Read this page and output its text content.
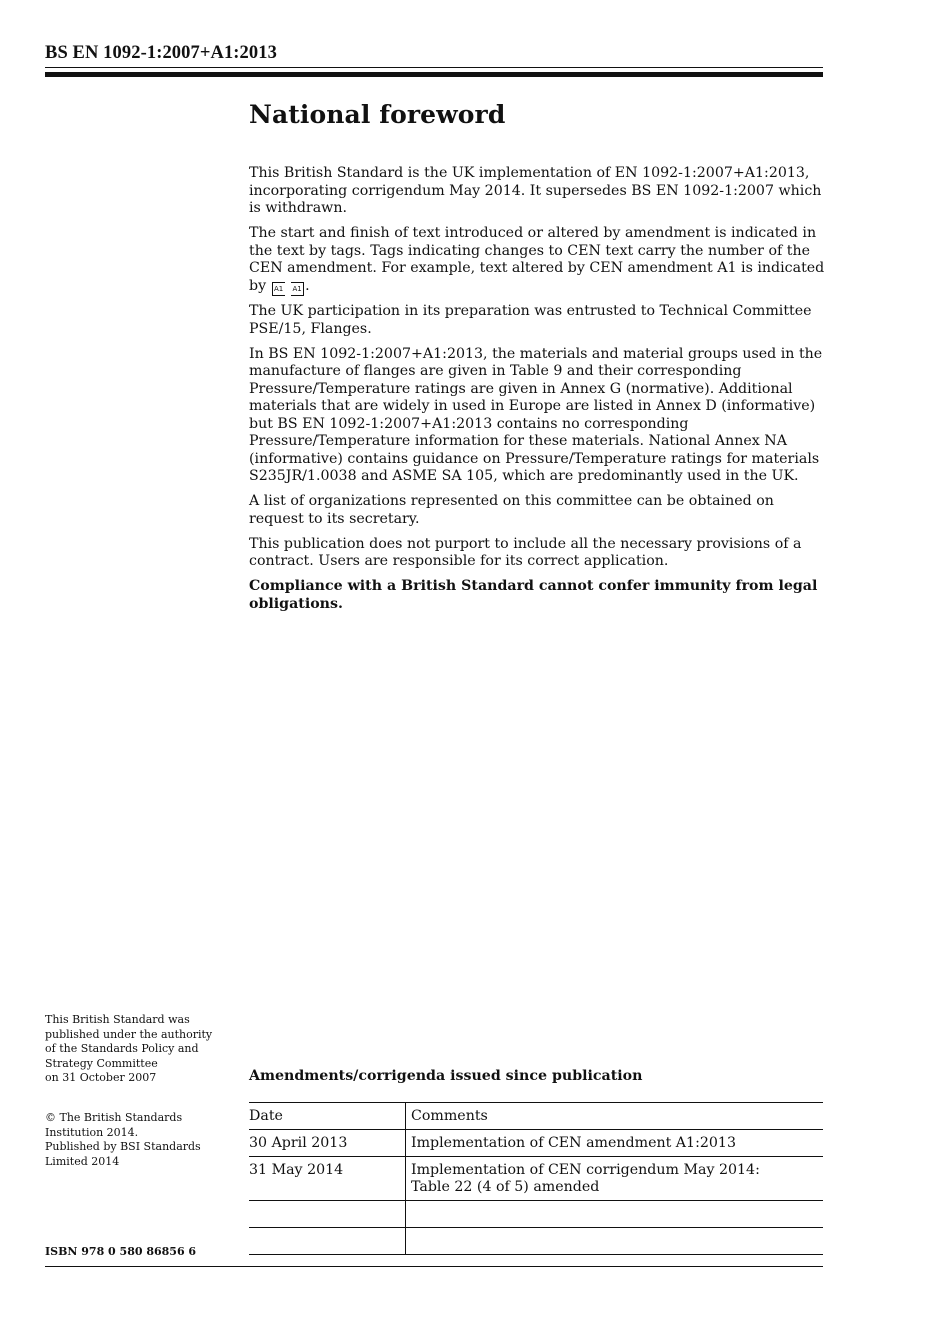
BS EN 1092-1:2007+A1:2013
National foreword

This British Standard is the UK implementation of EN 1092-1:2007+A1:2013, incorporating corrigendum May 2014. It supersedes BS EN 1092-1:2007 which is withdrawn.

The start and finish of text introduced or altered by amendment is indicated in the text by tags. Tags indicating changes to CEN text carry the number of the CEN amendment. For example, text altered by CEN amendment A1 is indicated by A1 A1 .

The UK participation in its preparation was entrusted to Technical Committee PSE/15, Flanges.

In BS EN 1092-1:2007+A1:2013, the materials and material groups used in the manufacture of flanges are given in Table 9 and their corresponding Pressure/Temperature ratings are given in Annex G (normative). Additional materials that are widely in used in Europe are listed in Annex D (informative) but BS EN 1092-1:2007+A1:2013 contains no corresponding Pressure/Temperature information for these materials. National Annex NA (informative) contains guidance on Pressure/Temperature ratings for materials S235JR/1.0038 and ASME SA 105, which are predominantly used in the UK.

A list of organizations represented on this committee can be obtained on request to its secretary.

This publication does not purport to include all the necessary provisions of a contract. Users are responsible for its correct application.

Compliance with a British Standard cannot confer immunity from legal obligations.

This British Standard was
published under the authority
of the Standards Policy and
Strategy Committee
on 31 October 2007
© The British Standards
Institution 2014.
Published by BSI Standards
Limited 2014
ISBN 978 0 580 86856 6
Amendments/corrigenda issued since publication
Date	Comments
30 April 2013	Implementation of CEN amendment A1:2013
31 May 2014	Implementation of CEN corrigendum May 2014:
Table 22 (4 of 5) amended
